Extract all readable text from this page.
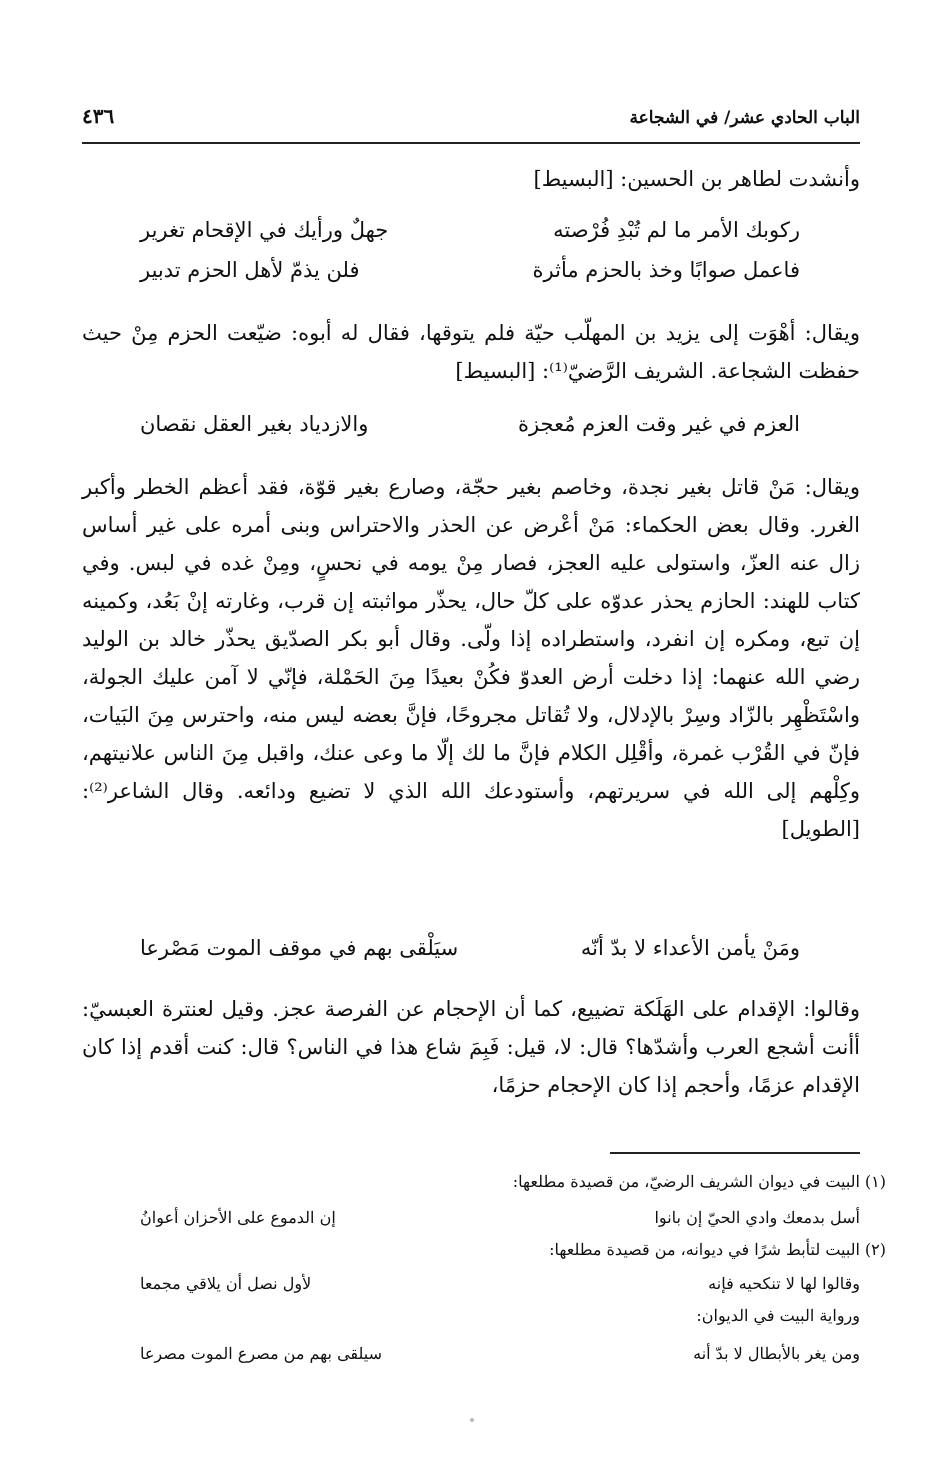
الباب الحادي عشر/ في الشجاعة
٤٣٦

وأنشدت لطاهر بن الحسين: [البسيط]

ركوبك الأمر ما لم تُبْدِ فُرْصته
جهلٌ ورأيك في الإقحام تغرير
فاعمل صوابًا وخذ بالحزم مأثرة
فلن يذمّ لأهل الحزم تدبير

ويقال: أهْوَت إلى يزيد بن المهلّب حيّة فلم يتوقها، فقال له أبوه: ضيّعت الحزم مِنْ حيث حفظت الشجاعة. الشريف الرَّضيّ⁽¹⁾: [البسيط]

العزم في غير وقت العزم مُعجزة
والازدياد بغير العقل نقصان

ويقال: مَنْ قاتل بغير نجدة، وخاصم بغير حجّة، وصارع بغير قوّة، فقد أعظم الخطر وأكبر الغرر. وقال بعض الحكماء: مَنْ أعْرض عن الحذر والاحتراس وبنى أمره على غير أساس زال عنه العزّ، واستولى عليه العجز، فصار مِنْ يومه في نحسٍ، ومِنْ غده في لبس. وفي كتاب للهند: الحازم يحذر عدوّه على كلّ حال، يحذّر مواثبته إن قرب، وغارته إنْ بَعُد، وكمينه إن تبع، ومكره إن انفرد، واستطراده إذا ولّى. وقال أبو بكر الصدّيق يحذّر خالد بن الوليد رضي الله عنهما: إذا دخلت أرض العدوّ فكُنْ بعيدًا مِنَ الحَمْلة، فإنّي لا آمن عليك الجولة، واسْتَظْهِر بالزّاد وسِرْ بالإدلال، ولا تُقاتل مجروحًا، فإنَّ بعضه ليس منه، واحترس مِنَ البَيات، فإنّ في القُرْب غمرة، وأقْلِل الكلام فإنَّ ما لك إلّا ما وعى عنك، واقبل مِنَ الناس علانيتهم، وكِلْهم إلى الله في سريرتهم، وأستودعك الله الذي لا تضيع ودائعه. وقال الشاعر⁽²⁾: [الطويل]

ومَنْ يأمن الأعداء لا بدّ أنّه
سيَلْقى بهم في موقف الموت مَصْرعا

وقالوا: الإقدام على الهَلَكة تضييع، كما أن الإحجام عن الفرصة عجز. وقيل لعنترة العبسيّ: أأنت أشجع العرب وأشدّها؟ قال: لا، قيل: فَبِمَ شاع هذا في الناس؟ قال: كنت أقدم إذا كان الإقدام عزمًا، وأحجم إذا كان الإحجام حزمًا،

(١)
البيت في ديوان الشريف الرضيّ، من قصيدة مطلعها:
أسل بدمعك وادي الحيّ إن بانوا
إن الدموع على الأحزان أعوانُ
(٢)
البيت لتأبط شرًا في ديوانه، من قصيدة مطلعها:
وقالوا لها لا تنكحيه فإنه
لأول نصل أن يلاقي مجمعا
ورواية البيت في الديوان:
ومن يغر بالأبطال لا بدّ أنه
سيلقى بهم من مصرع الموت مصرعا
